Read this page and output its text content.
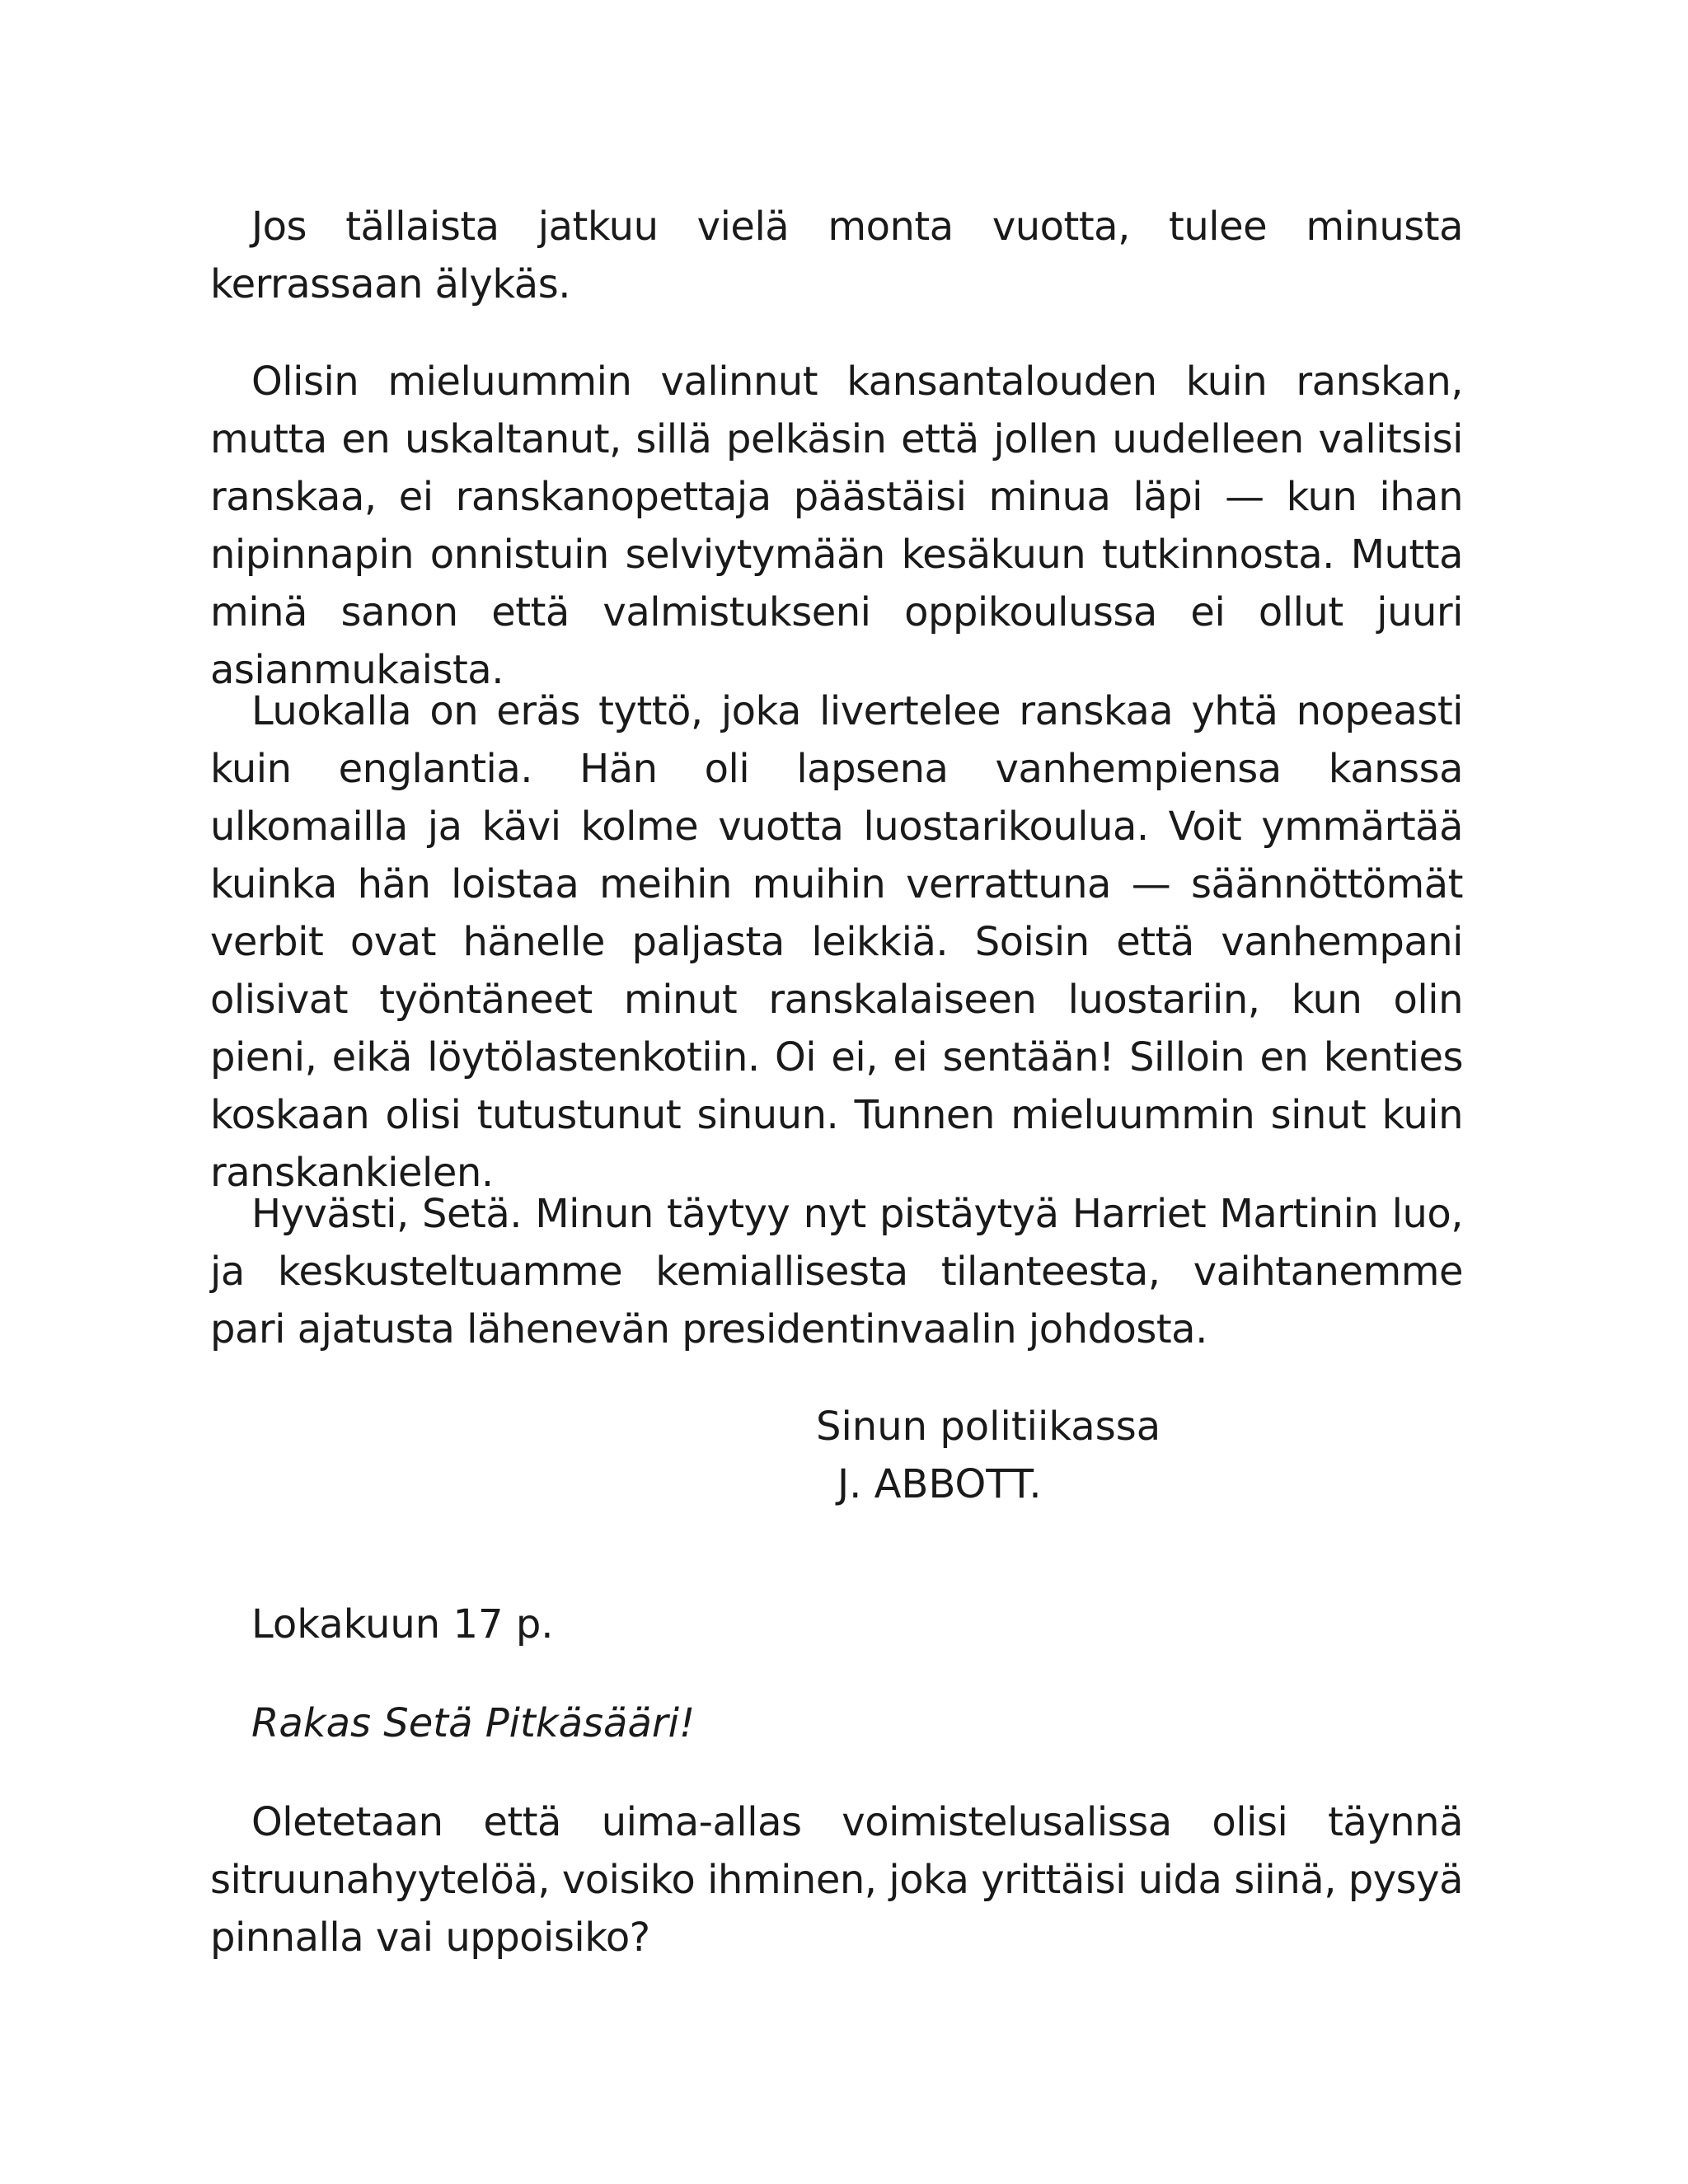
Jos tällaista jatkuu vielä monta vuotta, tulee minusta kerrassaan älykäs.

Olisin mieluummin valinnut kansantalouden kuin ranskan, mutta en uskaltanut, sillä pelkäsin että jollen uudelleen valitsisi ranskaa, ei ranskanopettaja päästäisi minua läpi — kun ihan nipinnapin onnistuin selviytymään kesäkuun tutkinnosta. Mutta minä sanon että valmistukseni oppikoulussa ei ollut juuri asianmukaista.

Luokalla on eräs tyttö, joka livertelee ranskaa yhtä nopeasti kuin englantia. Hän oli lapsena vanhempiensa kanssa ulkomailla ja kävi kolme vuotta luostarikoulua. Voit ymmärtää kuinka hän loistaa meihin muihin verrattuna — säännöttömät verbit ovat hänelle paljasta leikkiä. Soisin että vanhempani olisivat työntäneet minut ranskalaiseen luostariin, kun olin pieni, eikä löytölastenkotiin. Oi ei, ei sentään! Silloin en kenties koskaan olisi tutustunut sinuun. Tunnen mieluummin sinut kuin ranskankielen.

Hyvästi, Setä. Minun täytyy nyt pistäytyä Harriet Martinin luo, ja keskusteltuamme kemiallisesta tilanteesta, vaihtanemme pari ajatusta lähenevän presidentinvaalin johdosta.

Sinun politiikassa

J. ABBOTT.

Lokakuun 17 p.

Rakas Setä Pitkäsääri!

Oletetaan että uima-allas voimistelusalissa olisi täynnä sitruunahyytelöä, voisiko ihminen, joka yrittäisi uida siinä, pysyä pinnalla vai uppoisiko?
